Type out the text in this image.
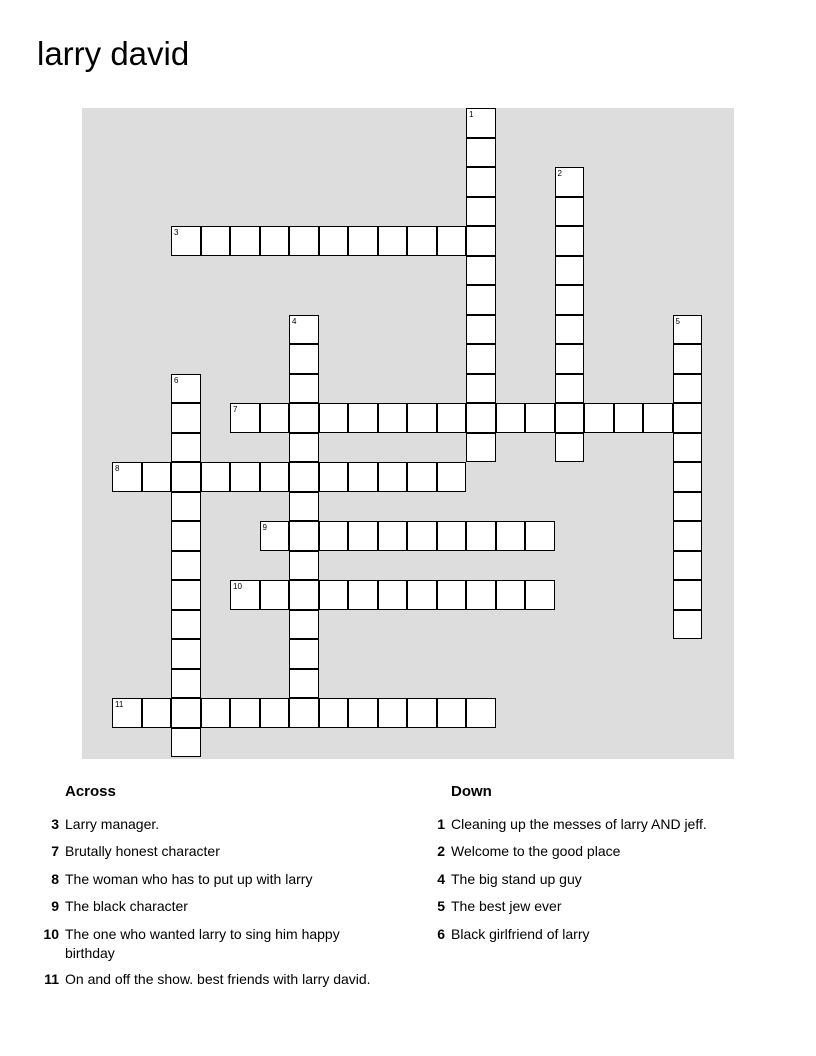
larry david
1
2
3
4	5
6
7
8
9
10
11
Across
3 Larry manager.
7 Brutally honest character
8 The woman who has to put up with larry
9 The black character
10 The one who wanted larry to sing him happy birthday
11 On and off the show. best friends with larry david.
Down
1 Cleaning up the messes of larry AND jeff.
2 Welcome to the good place
4 The big stand up guy
5 The best jew ever
6 Black girlfriend of larry
